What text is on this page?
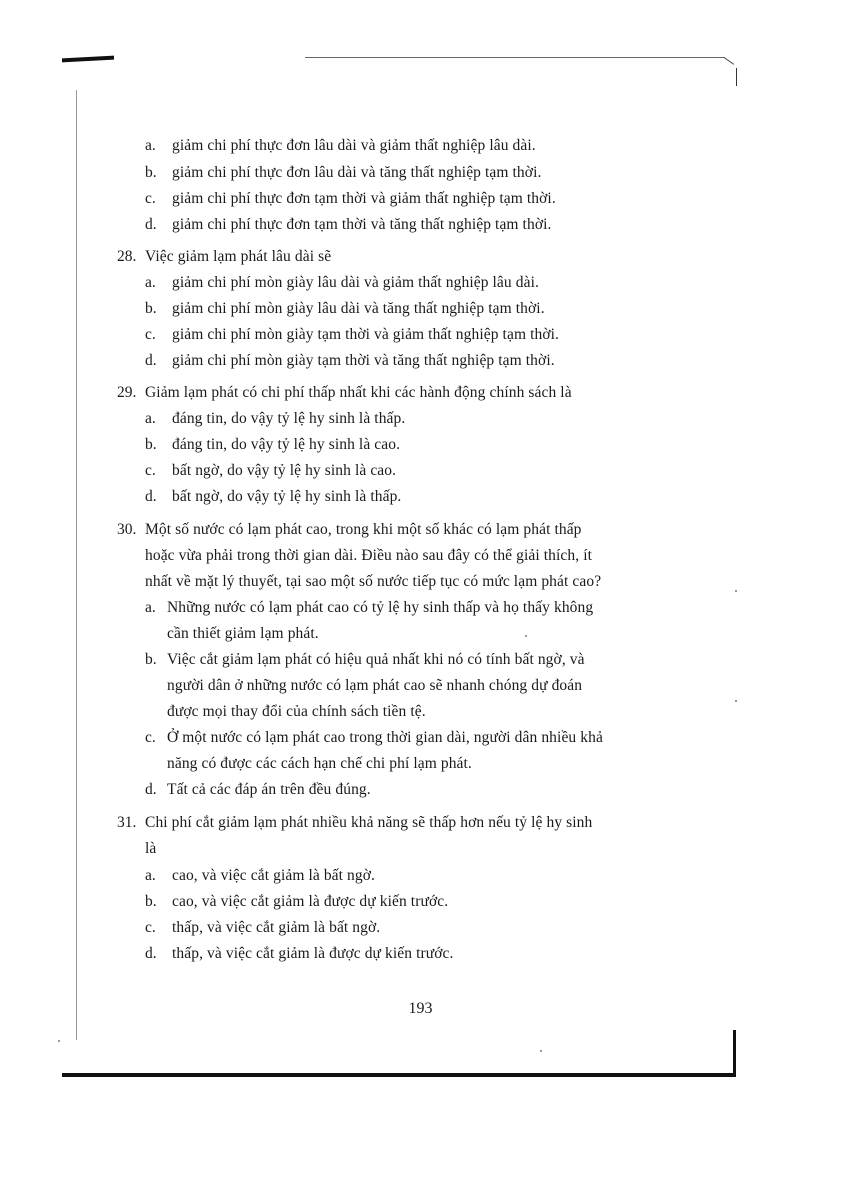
a. giảm chi phí thực đơn lâu dài và giảm thất nghiệp lâu dài.
b. giảm chi phí thực đơn lâu dài và tăng thất nghiệp tạm thời.
c. giảm chi phí thực đơn tạm thời và giảm thất nghiệp tạm thời.
d. giảm chi phí thực đơn tạm thời và tăng thất nghiệp tạm thời.
28. Việc giảm lạm phát lâu dài sẽ
a. giảm chi phí mòn giày lâu dài và giảm thất nghiệp lâu dài.
b. giảm chi phí mòn giày lâu dài và tăng thất nghiệp tạm thời.
c. giảm chi phí mòn giày tạm thời và giảm thất nghiệp tạm thời.
d. giảm chi phí mòn giày tạm thời và tăng thất nghiệp tạm thời.
29. Giảm lạm phát có chi phí thấp nhất khi các hành động chính sách là
a. đáng tin, do vậy tỷ lệ hy sinh là thấp.
b. đáng tin, do vậy tỷ lệ hy sinh là cao.
c. bất ngờ, do vậy tỷ lệ hy sinh là cao.
d. bất ngờ, do vậy tỷ lệ hy sinh là thấp.
30. Một số nước có lạm phát cao, trong khi một số khác có lạm phát thấp
hoặc vừa phải trong thời gian dài. Điều nào sau đây có thể giải thích, ít
nhất về mặt lý thuyết, tại sao một số nước tiếp tục có mức lạm phát cao?
a. Những nước có lạm phát cao có tỷ lệ hy sinh thấp và họ thấy không
cần thiết giảm lạm phát.
b. Việc cắt giảm lạm phát có hiệu quả nhất khi nó có tính bất ngờ, và
người dân ở những nước có lạm phát cao sẽ nhanh chóng dự đoán
được mọi thay đổi của chính sách tiền tệ.
c. Ở một nước có lạm phát cao trong thời gian dài, người dân nhiều khả
năng có được các cách hạn chế chi phí lạm phát.
d. Tất cả các đáp án trên đều đúng.
31. Chi phí cắt giảm lạm phát nhiều khả năng sẽ thấp hơn nếu tỷ lệ hy sinh
là
a. cao, và việc cắt giảm là bất ngờ.
b. cao, và việc cắt giảm là được dự kiến trước.
c. thấp, và việc cắt giảm là bất ngờ.
d. thấp, và việc cắt giảm là được dự kiến trước.
193
